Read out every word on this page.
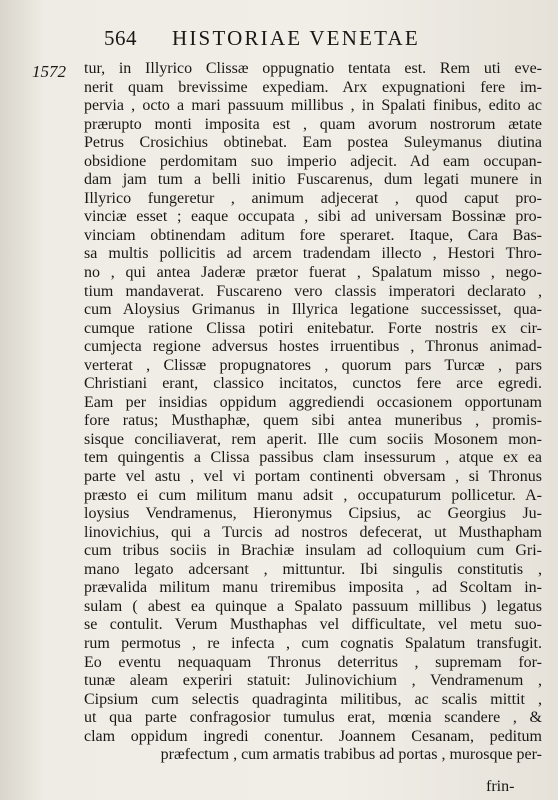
564 HISTORIAE VENETAE
1572 tur, in Illyrico Clissæ oppugnatio tentata est. Rem uti eve-
nerit quam brevissime expediam. Arx expugnationi fere im-
pervia , octo a mari passuum millibus , in Spalati finibus, edito ac
prærupto monti imposita est , quam avorum nostrorum ætate
Petrus Crosichius obtinebat. Eam postea Suleymanus diutina
obsidione perdomitam suo imperio adjecit. Ad eam occupan-
dam jam tum a belli initio Fuscarenus, dum legati munere in
Illyrico fungeretur , animum adjecerat , quod caput pro-
vinciæ esset ; eaque occupata , sibi ad universam Bossinæ pro-
vinciam obtinendam aditum fore speraret. Itaque, Cara Bas-
sa multis pollicitis ad arcem tradendam illecto , Hestori Thro-
no , qui antea Jaderæ prætor fuerat , Spalatum misso , nego-
tium mandaverat. Fuscareno vero classis imperatori declarato ,
cum Aloysius Grimanus in Illyrica legatione successisset, qua-
cumque ratione Clissa potiri enitebatur. Forte nostris ex cir-
cumjecta regione adversus hostes irruentibus , Thronus animad-
verterat , Clissæ propugnatores , quorum pars Turcæ , pars
Christiani erant, classico incitatos, cunctos fere arce egredi.
Eam per insidias oppidum aggrediendi occasionem opportunam
fore ratus; Musthaphæ, quem sibi antea muneribus , promis-
sisque conciliaverat, rem aperit. Ille cum sociis Mosonem mon-
tem quingentis a Clissa passibus clam insessurum , atque ex ea
parte vel astu , vel vi portam continenti obversam , si Thronus
præsto ei cum militum manu adsit , occupaturum pollicetur. A-
loysius Vendramenus, Hieronymus Cipsius, ac Georgius Ju-
linovichius, qui a Turcis ad nostros defecerat, ut Musthapham
cum tribus sociis in Brachiæ insulam ad colloquium cum Gri-
mano legato adcersant , mittuntur. Ibi singulis constitutis ,
prævalida militum manu triremibus imposita , ad Scoltam in-
sulam ( abest ea quinque a Spalato passuum millibus ) legatus
se contulit. Verum Musthaphas vel difficultate, vel metu suo-
rum permotus , re infecta , cum cognatis Spalatum transfugit.
Eo eventu nequaquam Thronus deterritus , supremam for-
tunæ aleam experiri statuit: Julinovichium , Vendramenum ,
Cipsium cum selectis quadraginta militibus, ac scalis mittit ,
ut qua parte confragosior tumulus erat, mœnia scandere , &
clam oppidum ingredi conentur. Joannem Cesanam, peditum
præfectum , cum armatis trabibus ad portas , murosque per-
frin-
